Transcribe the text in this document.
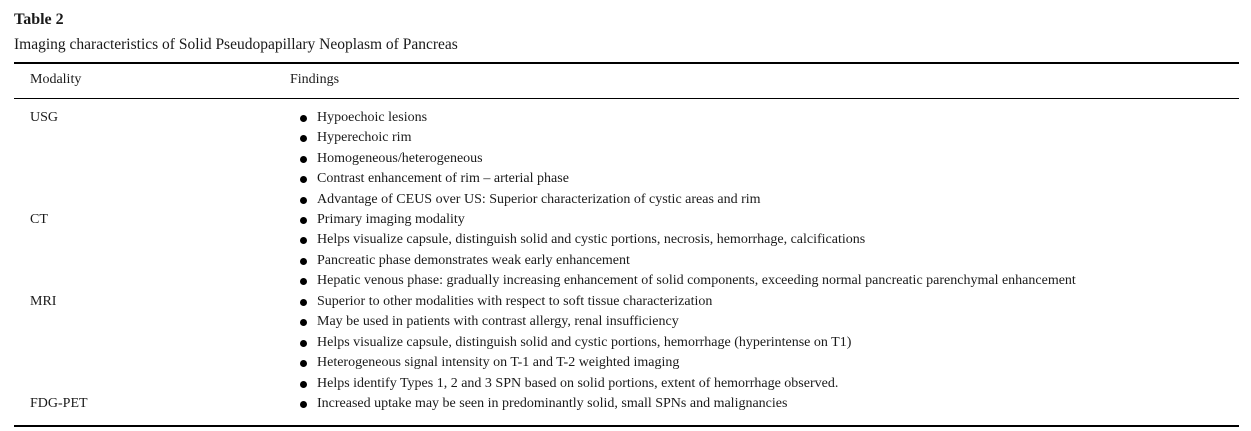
Table 2
Imaging characteristics of Solid Pseudopapillary Neoplasm of Pancreas
Modality	Findings
USG	Hypoechoic lesions
Hyperechoic rim
Homogeneous/heterogeneous
Contrast enhancement of rim – arterial phase
Advantage of CEUS over US: Superior characterization of cystic areas and rim
CT	Primary imaging modality
Helps visualize capsule, distinguish solid and cystic portions, necrosis, hemorrhage, calcifications
Pancreatic phase demonstrates weak early enhancement
Hepatic venous phase: gradually increasing enhancement of solid components, exceeding normal pancreatic parenchymal enhancement
MRI	Superior to other modalities with respect to soft tissue characterization
May be used in patients with contrast allergy, renal insufficiency
Helps visualize capsule, distinguish solid and cystic portions, hemorrhage (hyperintense on T1)
Heterogeneous signal intensity on T-1 and T-2 weighted imaging
Helps identify Types 1, 2 and 3 SPN based on solid portions, extent of hemorrhage observed.
FDG-PET	Increased uptake may be seen in predominantly solid, small SPNs and malignancies
